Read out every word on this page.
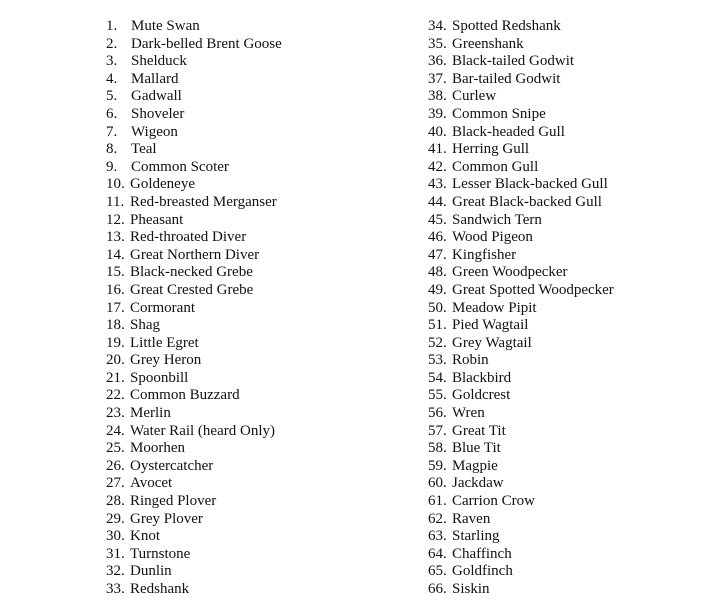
1. Mute Swan
2. Dark-belled Brent Goose
3. Shelduck
4. Mallard
5. Gadwall
6. Shoveler
7. Wigeon
8. Teal
9. Common Scoter
10. Goldeneye
11. Red-breasted Merganser
12. Pheasant
13. Red-throated Diver
14. Great Northern Diver
15. Black-necked Grebe
16. Great Crested Grebe
17. Cormorant
18. Shag
19. Little Egret
20. Grey Heron
21. Spoonbill
22. Common Buzzard
23. Merlin
24. Water Rail (heard Only)
25. Moorhen
26. Oystercatcher
27. Avocet
28. Ringed Plover
29. Grey Plover
30. Knot
31. Turnstone
32. Dunlin
33. Redshank
34. Spotted Redshank
35. Greenshank
36. Black-tailed Godwit
37. Bar-tailed Godwit
38. Curlew
39. Common Snipe
40. Black-headed Gull
41. Herring Gull
42. Common Gull
43. Lesser Black-backed Gull
44. Great Black-backed Gull
45. Sandwich Tern
46. Wood Pigeon
47. Kingfisher
48. Green Woodpecker
49. Great Spotted Woodpecker
50. Meadow Pipit
51. Pied Wagtail
52. Grey Wagtail
53. Robin
54. Blackbird
55. Goldcrest
56. Wren
57. Great Tit
58. Blue Tit
59. Magpie
60. Jackdaw
61. Carrion Crow
62. Raven
63. Starling
64. Chaffinch
65. Goldfinch
66. Siskin
